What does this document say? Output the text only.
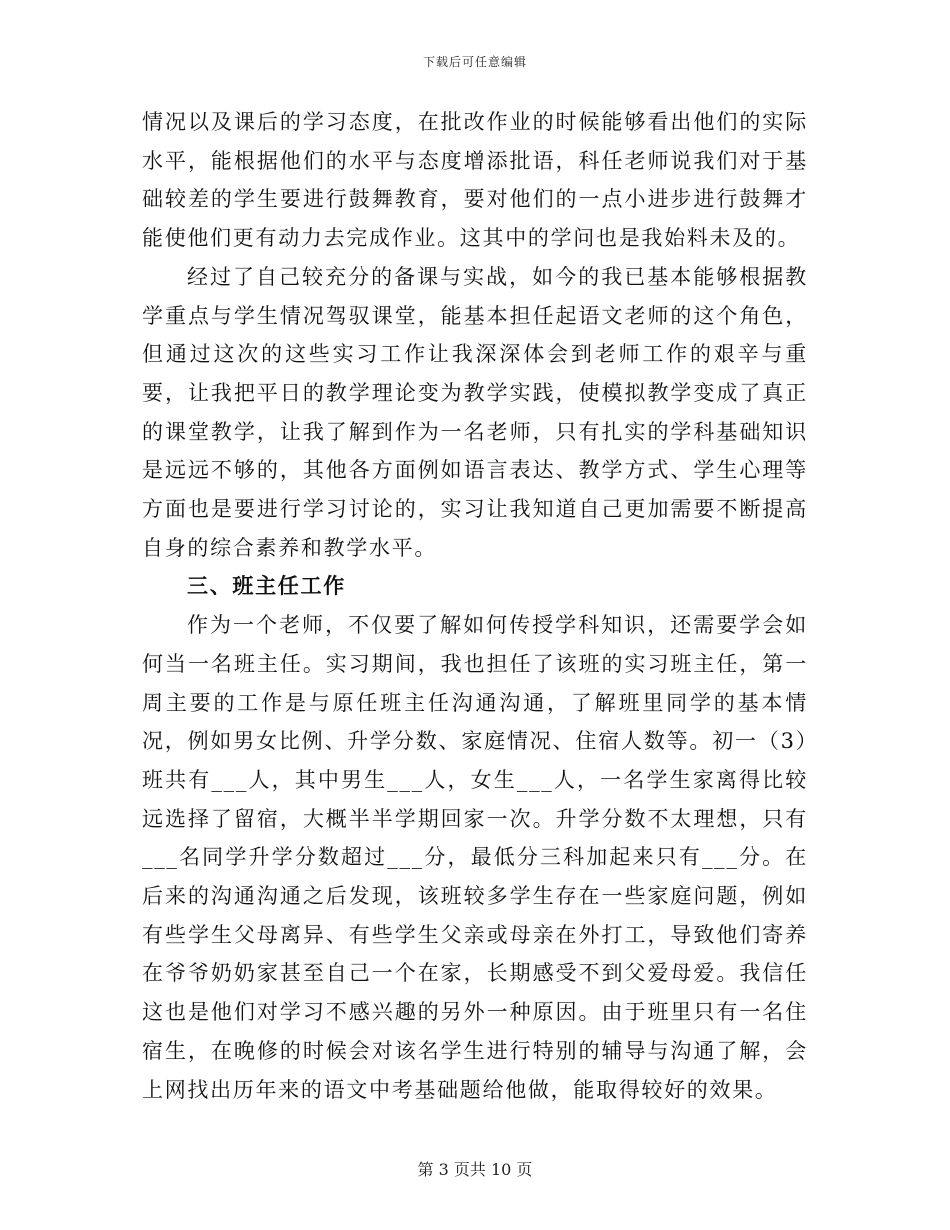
下载后可任意编辑

情况以及课后的学习态度，在批改作业的时候能够看出他们的实际水平，能根据他们的水平与态度增添批语，科任老师说我们对于基础较差的学生要进行鼓舞教育，要对他们的一点小进步进行鼓舞才能使他们更有动力去完成作业。这其中的学问也是我始料未及的。

经过了自己较充分的备课与实战，如今的我已基本能够根据教学重点与学生情况驾驭课堂，能基本担任起语文老师的这个角色，但通过这次的这些实习工作让我深深体会到老师工作的艰辛与重要，让我把平日的教学理论变为教学实践，使模拟教学变成了真正的课堂教学，让我了解到作为一名老师，只有扎实的学科基础知识是远远不够的，其他各方面例如语言表达、教学方式、学生心理等方面也是要进行学习讨论的，实习让我知道自己更加需要不断提高自身的综合素养和教学水平。

三、班主任工作

作为一个老师，不仅要了解如何传授学科知识，还需要学会如何当一名班主任。实习期间，我也担任了该班的实习班主任，第一周主要的工作是与原任班主任沟通沟通，了解班里同学的基本情况，例如男女比例、升学分数、家庭情况、住宿人数等。初一（3）班共有___人，其中男生___人，女生___人，一名学生家离得比较远选择了留宿，大概半半学期回家一次。升学分数不太理想，只有___名同学升学分数超过___分，最低分三科加起来只有___分。在后来的沟通沟通之后发现，该班较多学生存在一些家庭问题，例如有些学生父母离异、有些学生父亲或母亲在外打工，导致他们寄养在爷爷奶奶家甚至自己一个在家，长期感受不到父爱母爱。我信任这也是他们对学习不感兴趣的另外一种原因。由于班里只有一名住宿生，在晚修的时候会对该名学生进行特别的辅导与沟通了解，会上网找出历年来的语文中考基础题给他做，能取得较好的效果。

第 3 页共 10 页
